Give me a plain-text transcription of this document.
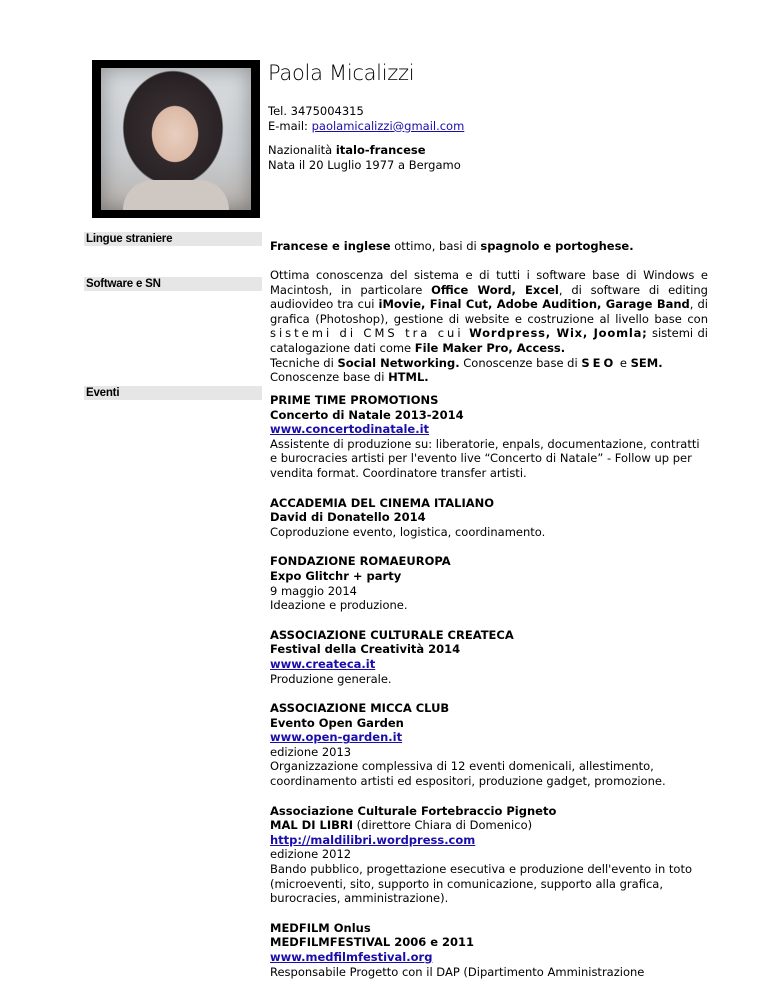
Paola Micalizzi
Tel. 3475004315
E-mail: paolamicalizzi@gmail.com
Nazionalità italo-francese
Nata il 20 Luglio 1977 a Bergamo
Lingue straniere	Francese e inglese ottimo, basi di spagnolo e portoghese.
Software e SN
Ottima conoscenza del sistema e di tutti i software base di Windows e Macintosh, in particolare Office Word, Excel, di software di editing audiovideo tra cui iMovie, Final Cut, Adobe Audition, Garage Band, di grafica (Photoshop), gestione di website e costruzione al livello base con sistemi di CMS tra cui Wordpress, Wix, Joomla; sistemi di catalogazione dati come File Maker Pro, Access.
Tecniche di Social Networking. Conoscenze base di SEO e SEM.
Conoscenze base di HTML.
Eventi	PRIME TIME PROMOTIONS
Concerto di Natale 2013-2014
www.concertodinatale.it
Assistente di produzione su: liberatorie, enpals, documentazione, contratti e burocracies artisti per l'evento live “Concerto di Natale” - Follow up per vendita format. Coordinatore transfer artisti.
ACCADEMIA DEL CINEMA ITALIANO
David di Donatello 2014
Coproduzione evento, logistica, coordinamento.
FONDAZIONE ROMAEUROPA
Expo Glitchr + party
9 maggio 2014
Ideazione e produzione.
ASSOCIAZIONE CULTURALE CREATECA
Festival della Creatività 2014
www.createca.it
Produzione generale.
ASSOCIAZIONE MICCA CLUB
Evento Open Garden
www.open-garden.it
edizione 2013
Organizzazione complessiva di 12 eventi domenicali, allestimento, coordinamento artisti ed espositori, produzione gadget, promozione.
Associazione Culturale Fortebraccio Pigneto
MAL DI LIBRI (direttore Chiara di Domenico)
http://maldilibri.wordpress.com
edizione 2012
Bando pubblico, progettazione esecutiva e produzione dell'evento in toto (microeventi, sito, supporto in comunicazione, supporto alla grafica, burocracies, amministrazione).
MEDFILM Onlus
MEDFILMFESTIVAL 2006 e 2011
www.medfilmfestival.org
Responsabile Progetto con il DAP (Dipartimento Amministrazione
